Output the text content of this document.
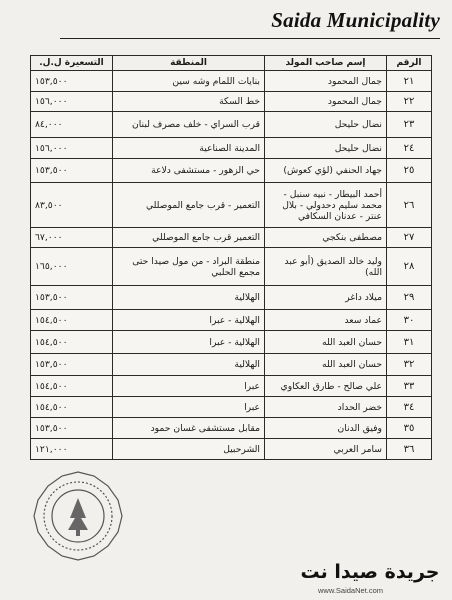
Saida Municipality
الرقم	إسم صاحب المولد	المنطقة	التسعيرة ل.ل.
٢١	جمال المحمود	بنايات اللمام وشه سين	١٥٣,٥٠٠
٢٢	جمال المحمود	خط السكة	١٥٦,٠٠٠
٢٣	نضال حليحل	قرب السراي - خلف مصرف لبنان	٨٤,٠٠٠
٢٤	نضال حليحل	المدينة الصناعية	١٥٦,٠٠٠
٢٥	جهاد الحنفي (لؤي كعوش)	حي الزهور - مستشفى دلاعة	١٥٣,٥٠٠
٢٦	أحمد البيطار - نبيه سنبل - محمد سليم دحدولي - بلال عنتر - عدنان السكافي	التعمير - قرب جامع الموصللي	٨٣,٥٠٠
٢٧	مصطفى بنكجي	التعمير قرب جامع الموصللي	٦٧,٠٠٠
٢٨	وليد خالد الصديق (أبو عبد الله)	منطقة البراد - من مول صيدا حتى مجمع الحلبي	١٦٥,٠٠٠
٢٩	ميلاد داغر	الهلالية	١٥٣,٥٠٠
٣٠	عماد سعد	الهلالية - عبرا	١٥٤,٥٠٠
٣١	حسان العبد الله	الهلالية - عبرا	١٥٤,٥٠٠
٣٢	حسان العبد الله	الهلالية	١٥٣,٥٠٠
٣٣	علي صالح - طارق العكاوي	عبرا	١٥٤,٥٠٠
٣٤	خضر الحداد	عبرا	١٥٤,٥٠٠
٣٥	وفيق الدنان	مقابل مستشفى غسان حمود	١٥٣,٥٠٠
٣٦	سامر العربي	الشرحبيل	١٢١,٠٠٠
جريدة صيدا نت
www.SaidaNet.com
